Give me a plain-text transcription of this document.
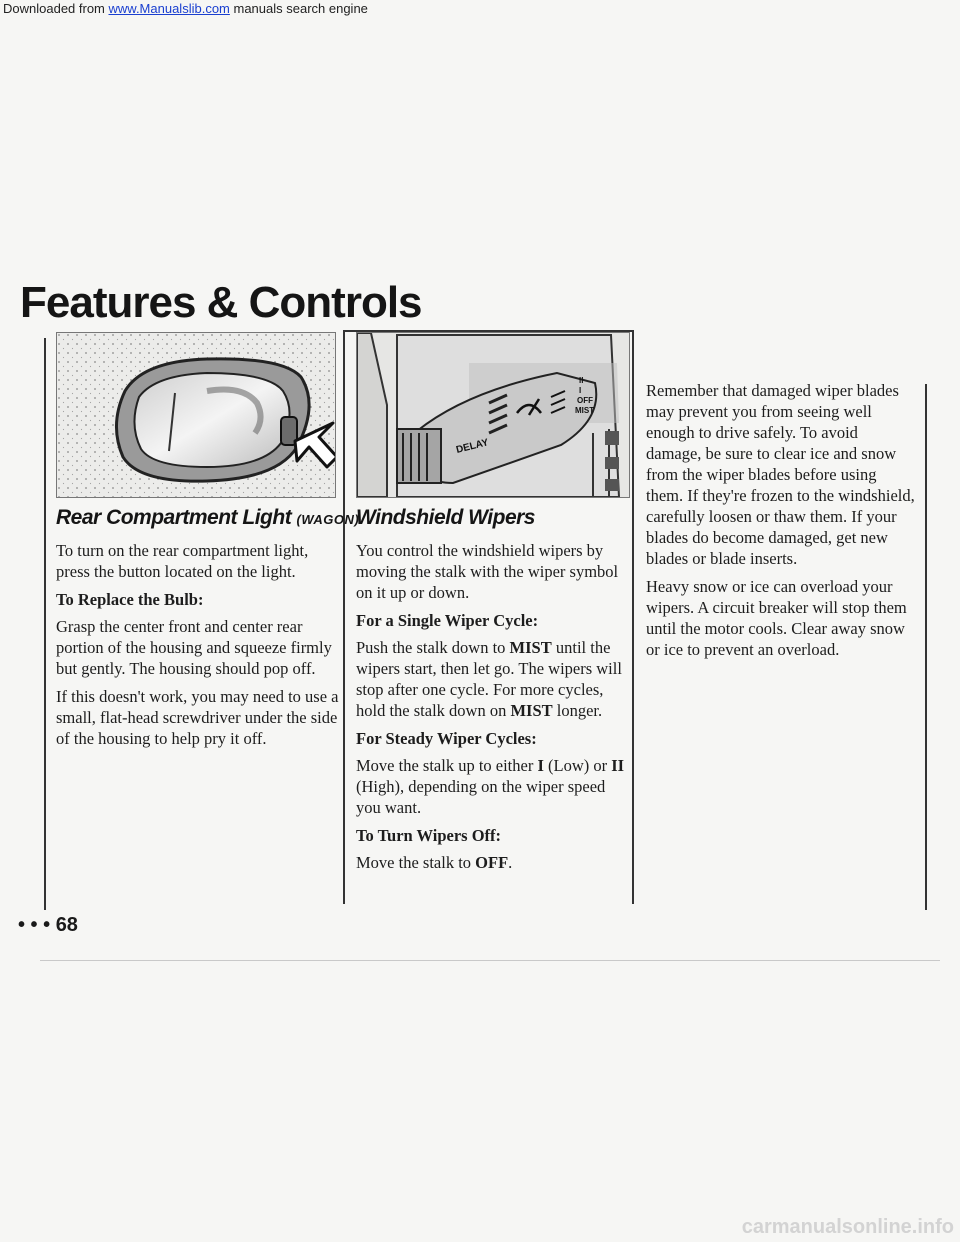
Downloaded from www.Manualslib.com manuals search engine
Features & Controls
II
I
OFF
MIST
DELAY
Rear Compartment Light (WAGON)
Windshield Wipers

To turn on the rear compartment light, press the button located on the light.

To Replace the Bulb:

Grasp the center front and center rear portion of the housing and squeeze firmly but gently. The housing should pop off.

If this doesn't work, you may need to use a small, flat-head screwdriver under the side of the housing to help pry it off.

You control the windshield wipers by moving the stalk with the wiper symbol on it up or down.

For a Single Wiper Cycle:

Push the stalk down to MIST until the wipers start, then let go. The wipers will stop after one cycle. For more cycles, hold the stalk down on MIST longer.

For Steady Wiper Cycles:

Move the stalk up to either I (Low) or II (High), depending on the wiper speed you want.

To Turn Wipers Off:

Move the stalk to OFF.

Remember that damaged wiper blades may prevent you from seeing well enough to drive safely. To avoid damage, be sure to clear ice and snow from the wiper blades before using them. If they're frozen to the windshield, carefully loosen or thaw them. If your blades do become damaged, get new blades or blade inserts.

Heavy snow or ice can overload your wipers. A circuit breaker will stop them until the motor cools. Clear away snow or ice to prevent an overload.

• • • 68
carmanualsonline.info
